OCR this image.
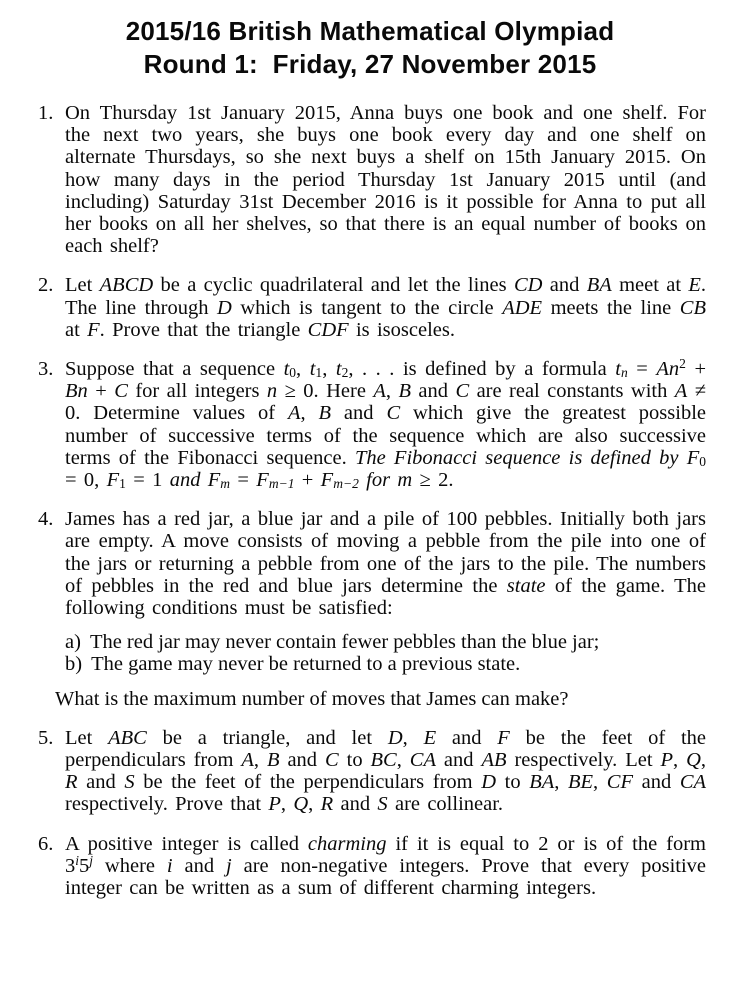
2015/16 British Mathematical Olympiad
Round 1:  Friday, 27 November 2015
1. On Thursday 1st January 2015, Anna buys one book and one shelf. For the next two years, she buys one book every day and one shelf on alternate Thursdays, so she next buys a shelf on 15th January 2015. On how many days in the period Thursday 1st January 2015 until (and including) Saturday 31st December 2016 is it possible for Anna to put all her books on all her shelves, so that there is an equal number of books on each shelf?
2. Let ABCD be a cyclic quadrilateral and let the lines CD and BA meet at E. The line through D which is tangent to the circle ADE meets the line CB at F. Prove that the triangle CDF is isosceles.
3. Suppose that a sequence $t_0$, $t_1$, $t_2$, . . . is defined by a formula $t_n = An^2 + Bn + C$ for all integers n ≥ 0. Here A, B and C are real constants with A ≠ 0. Determine values of A, B and C which give the greatest possible number of successive terms of the sequence which are also successive terms of the Fibonacci sequence. The Fibonacci sequence is defined by $F_0 = 0$, $F_1 = 1$ and $F_m = F_{m-1} + F_{m-2}$ for m ≥ 2.
4. James has a red jar, a blue jar and a pile of 100 pebbles. Initially both jars are empty. A move consists of moving a pebble from the pile into one of the jars or returning a pebble from one of the jars to the pile. The numbers of pebbles in the red and blue jars determine the state of the game. The following conditions must be satisfied:
a) The red jar may never contain fewer pebbles than the blue jar;
b) The game may never be returned to a previous state.
What is the maximum number of moves that James can make?
5. Let ABC be a triangle, and let D, E and F be the feet of the perpendiculars from A, B and C to BC, CA and AB respectively. Let P, Q, R and S be the feet of the perpendiculars from D to BA, BE, CF and CA respectively. Prove that P, Q, R and S are collinear.
6. A positive integer is called charming if it is equal to 2 or is of the form 3$^i$5$^j$ where i and j are non-negative integers. Prove that every positive integer can be written as a sum of different charming integers.
